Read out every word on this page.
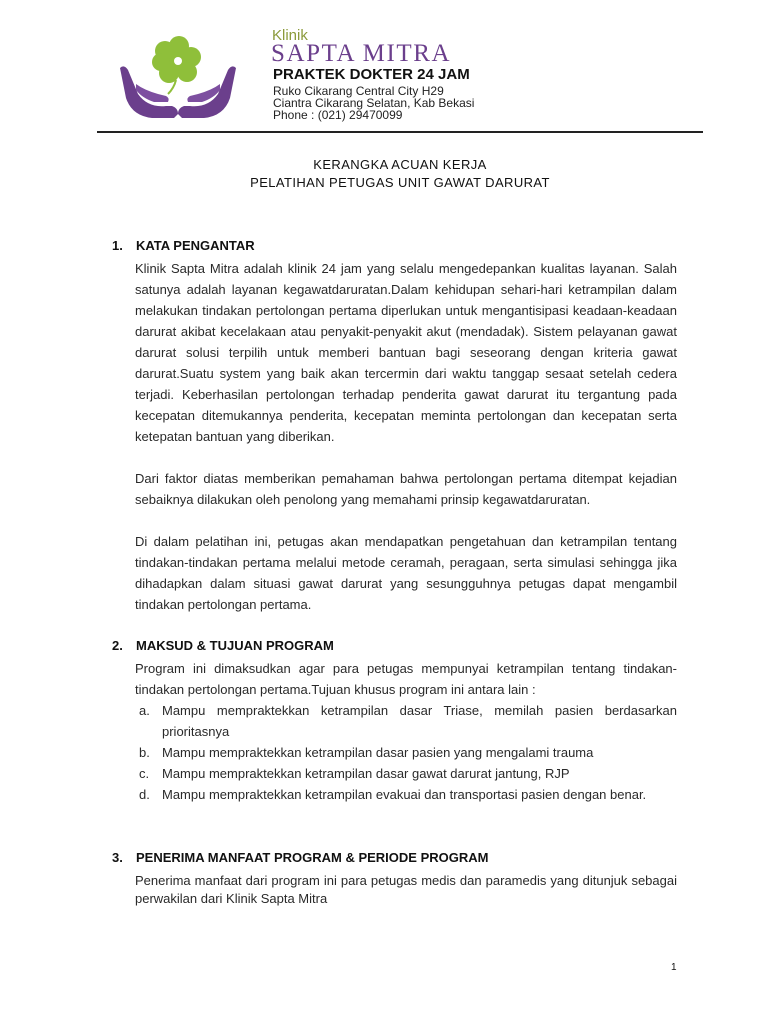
Klinik
SAPTA MITRA
PRAKTEK DOKTER 24 JAM
Ruko Cikarang Central City H29
Ciantra Cikarang Selatan, Kab Bekasi
Phone : (021) 29470099
KERANGKA ACUAN KERJA
PELATIHAN PETUGAS UNIT GAWAT DARURAT
1. KATA PENGANTAR

Klinik Sapta Mitra adalah klinik 24 jam yang selalu mengedepankan kualitas layanan. Salah satunya adalah layanan kegawatdaruratan.Dalam kehidupan sehari-hari ketrampilan dalam melakukan tindakan pertolongan pertama diperlukan untuk mengantisipasi keadaan-keadaan darurat akibat kecelakaan atau penyakit-penyakit akut (mendadak). Sistem pelayanan gawat darurat solusi terpilih untuk memberi bantuan bagi seseorang dengan kriteria gawat darurat.Suatu system yang baik akan tercermin dari waktu tanggap sesaat setelah cedera terjadi. Keberhasilan pertolongan terhadap penderita gawat darurat itu tergantung pada kecepatan ditemukannya penderita, kecepatan meminta pertolongan dan kecepatan serta ketepatan bantuan yang diberikan.

Dari faktor diatas memberikan pemahaman bahwa pertolongan pertama ditempat kejadian sebaiknya dilakukan oleh penolong yang memahami prinsip kegawatdaruratan.

Di dalam pelatihan ini, petugas akan mendapatkan pengetahuan dan ketrampilan tentang tindakan-tindakan pertama melalui metode ceramah, peragaan, serta simulasi sehingga jika dihadapkan dalam situasi gawat darurat yang sesungguhnya petugas dapat mengambil tindakan pertolongan pertama.

2. MAKSUD & TUJUAN PROGRAM

Program ini dimaksudkan agar para petugas mempunyai ketrampilan tentang tindakan-tindakan pertolongan pertama.Tujuan khusus program ini antara lain :

a. Mampu mempraktekkan ketrampilan dasar Triase, memilah pasien berdasarkan prioritasnya
b. Mampu mempraktekkan ketrampilan dasar pasien yang mengalami trauma
c. Mampu mempraktekkan ketrampilan dasar gawat darurat jantung, RJP
d. Mampu mempraktekkan ketrampilan evakuai dan transportasi pasien dengan benar.
3. PENERIMA MANFAAT PROGRAM & PERIODE PROGRAM

Penerima manfaat dari program ini para petugas medis dan paramedis yang ditunjuk sebagai perwakilan dari Klinik Sapta Mitra

1
